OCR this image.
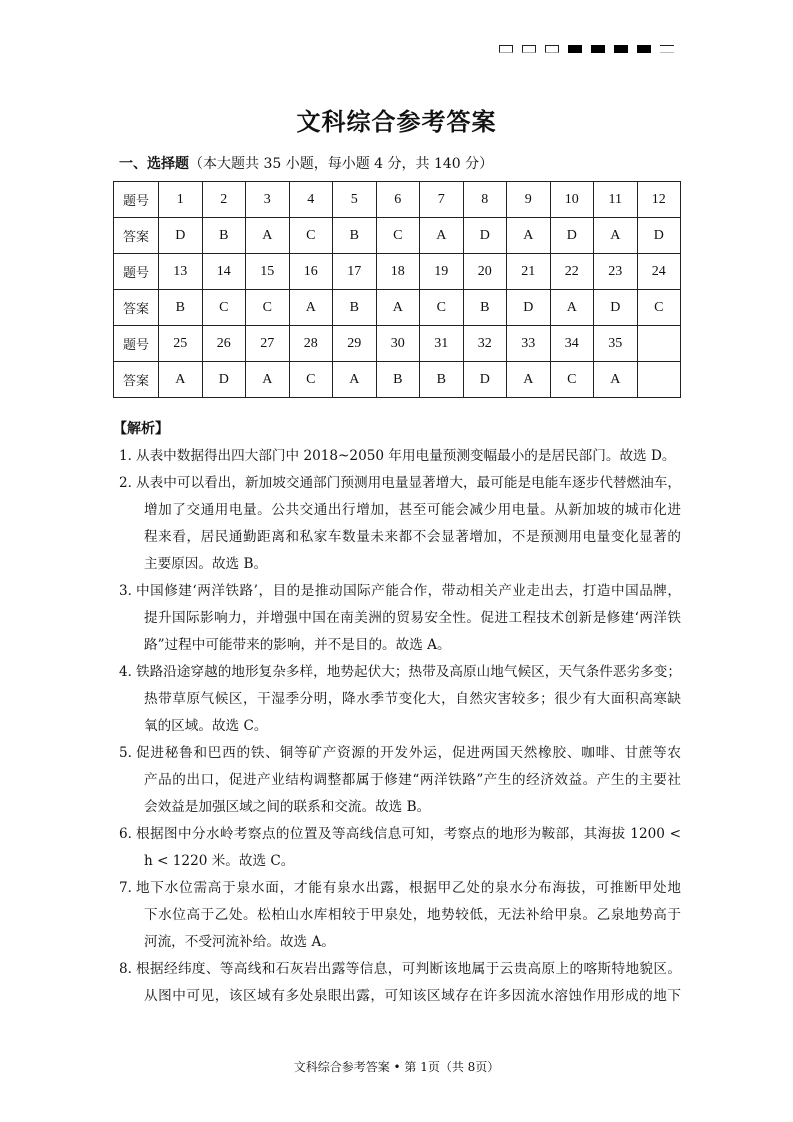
文科综合参考答案
一、选择题（本大题共 35 小题，每小题 4 分，共 140 分）
题号	1	2	3	4	5	6	7	8	9	10	11	12
答案	D	B	A	C	B	C	A	D	A	D	A	D
题号	13	14	15	16	17	18	19	20	21	22	23	24
答案	B	C	C	A	B	A	C	B	D	A	D	C
题号	25	26	27	28	29	30	31	32	33	34	35	
答案	A	D	A	C	A	B	B	D	A	C	A	
【解析】
1．
从表中数据得出四大部门中 2018~2050 年用电量预测变幅最小的是居民部门。故选 D。
2．
从表中可以看出，新加坡交通部门预测用电量显著增大，最可能是电能车逐步代替燃油车，
增加了交通用电量。公共交通出行增加，甚至可能会减少用电量。从新加坡的城市化进
程来看，居民通勤距离和私家车数量未来都不会显著增加，不是预测用电量变化显著的
主要原因。故选 B。
3．
中国修建‘两洋铁路’，目的是推动国际产能合作，带动相关产业走出去，打造中国品牌，
提升国际影响力，并增强中国在南美洲的贸易安全性。促进工程技术创新是修建‘两洋铁
路”过程中可能带来的影响，并不是目的。故选 A。
4．
铁路沿途穿越的地形复杂多样，地势起伏大；热带及高原山地气候区，天气条件恶劣多变；
热带草原气候区，干湿季分明，降水季节变化大，自然灾害较多；很少有大面积高寒缺
氧的区域。故选 C。
5．
促进秘鲁和巴西的铁、铜等矿产资源的开发外运，促进两国天然橡胶、咖啡、甘蔗等农
产品的出口，促进产业结构调整都属于修建“两洋铁路”产生的经济效益。产生的主要社
会效益是加强区域之间的联系和交流。故选 B。
6．
根据图中分水岭考察点的位置及等高线信息可知，考察点的地形为鞍部，其海拔 1200 <
h < 1220 米。故选 C。
7．
地下水位需高于泉水面，才能有泉水出露，根据甲乙处的泉水分布海拔，可推断甲处地
下水位高于乙处。松柏山水库相较于甲泉处，地势较低，无法补给甲泉。乙泉地势高于
河流，不受河流补给。故选 A。
8．
根据经纬度、等高线和石灰岩出露等信息，可判断该地属于云贵高原上的喀斯特地貌区。
从图中可见，该区域有多处泉眼出露，可知该区域存在许多因流水溶蚀作用形成的地下
文科综合参考答案 • 第 1页（共 8页）
